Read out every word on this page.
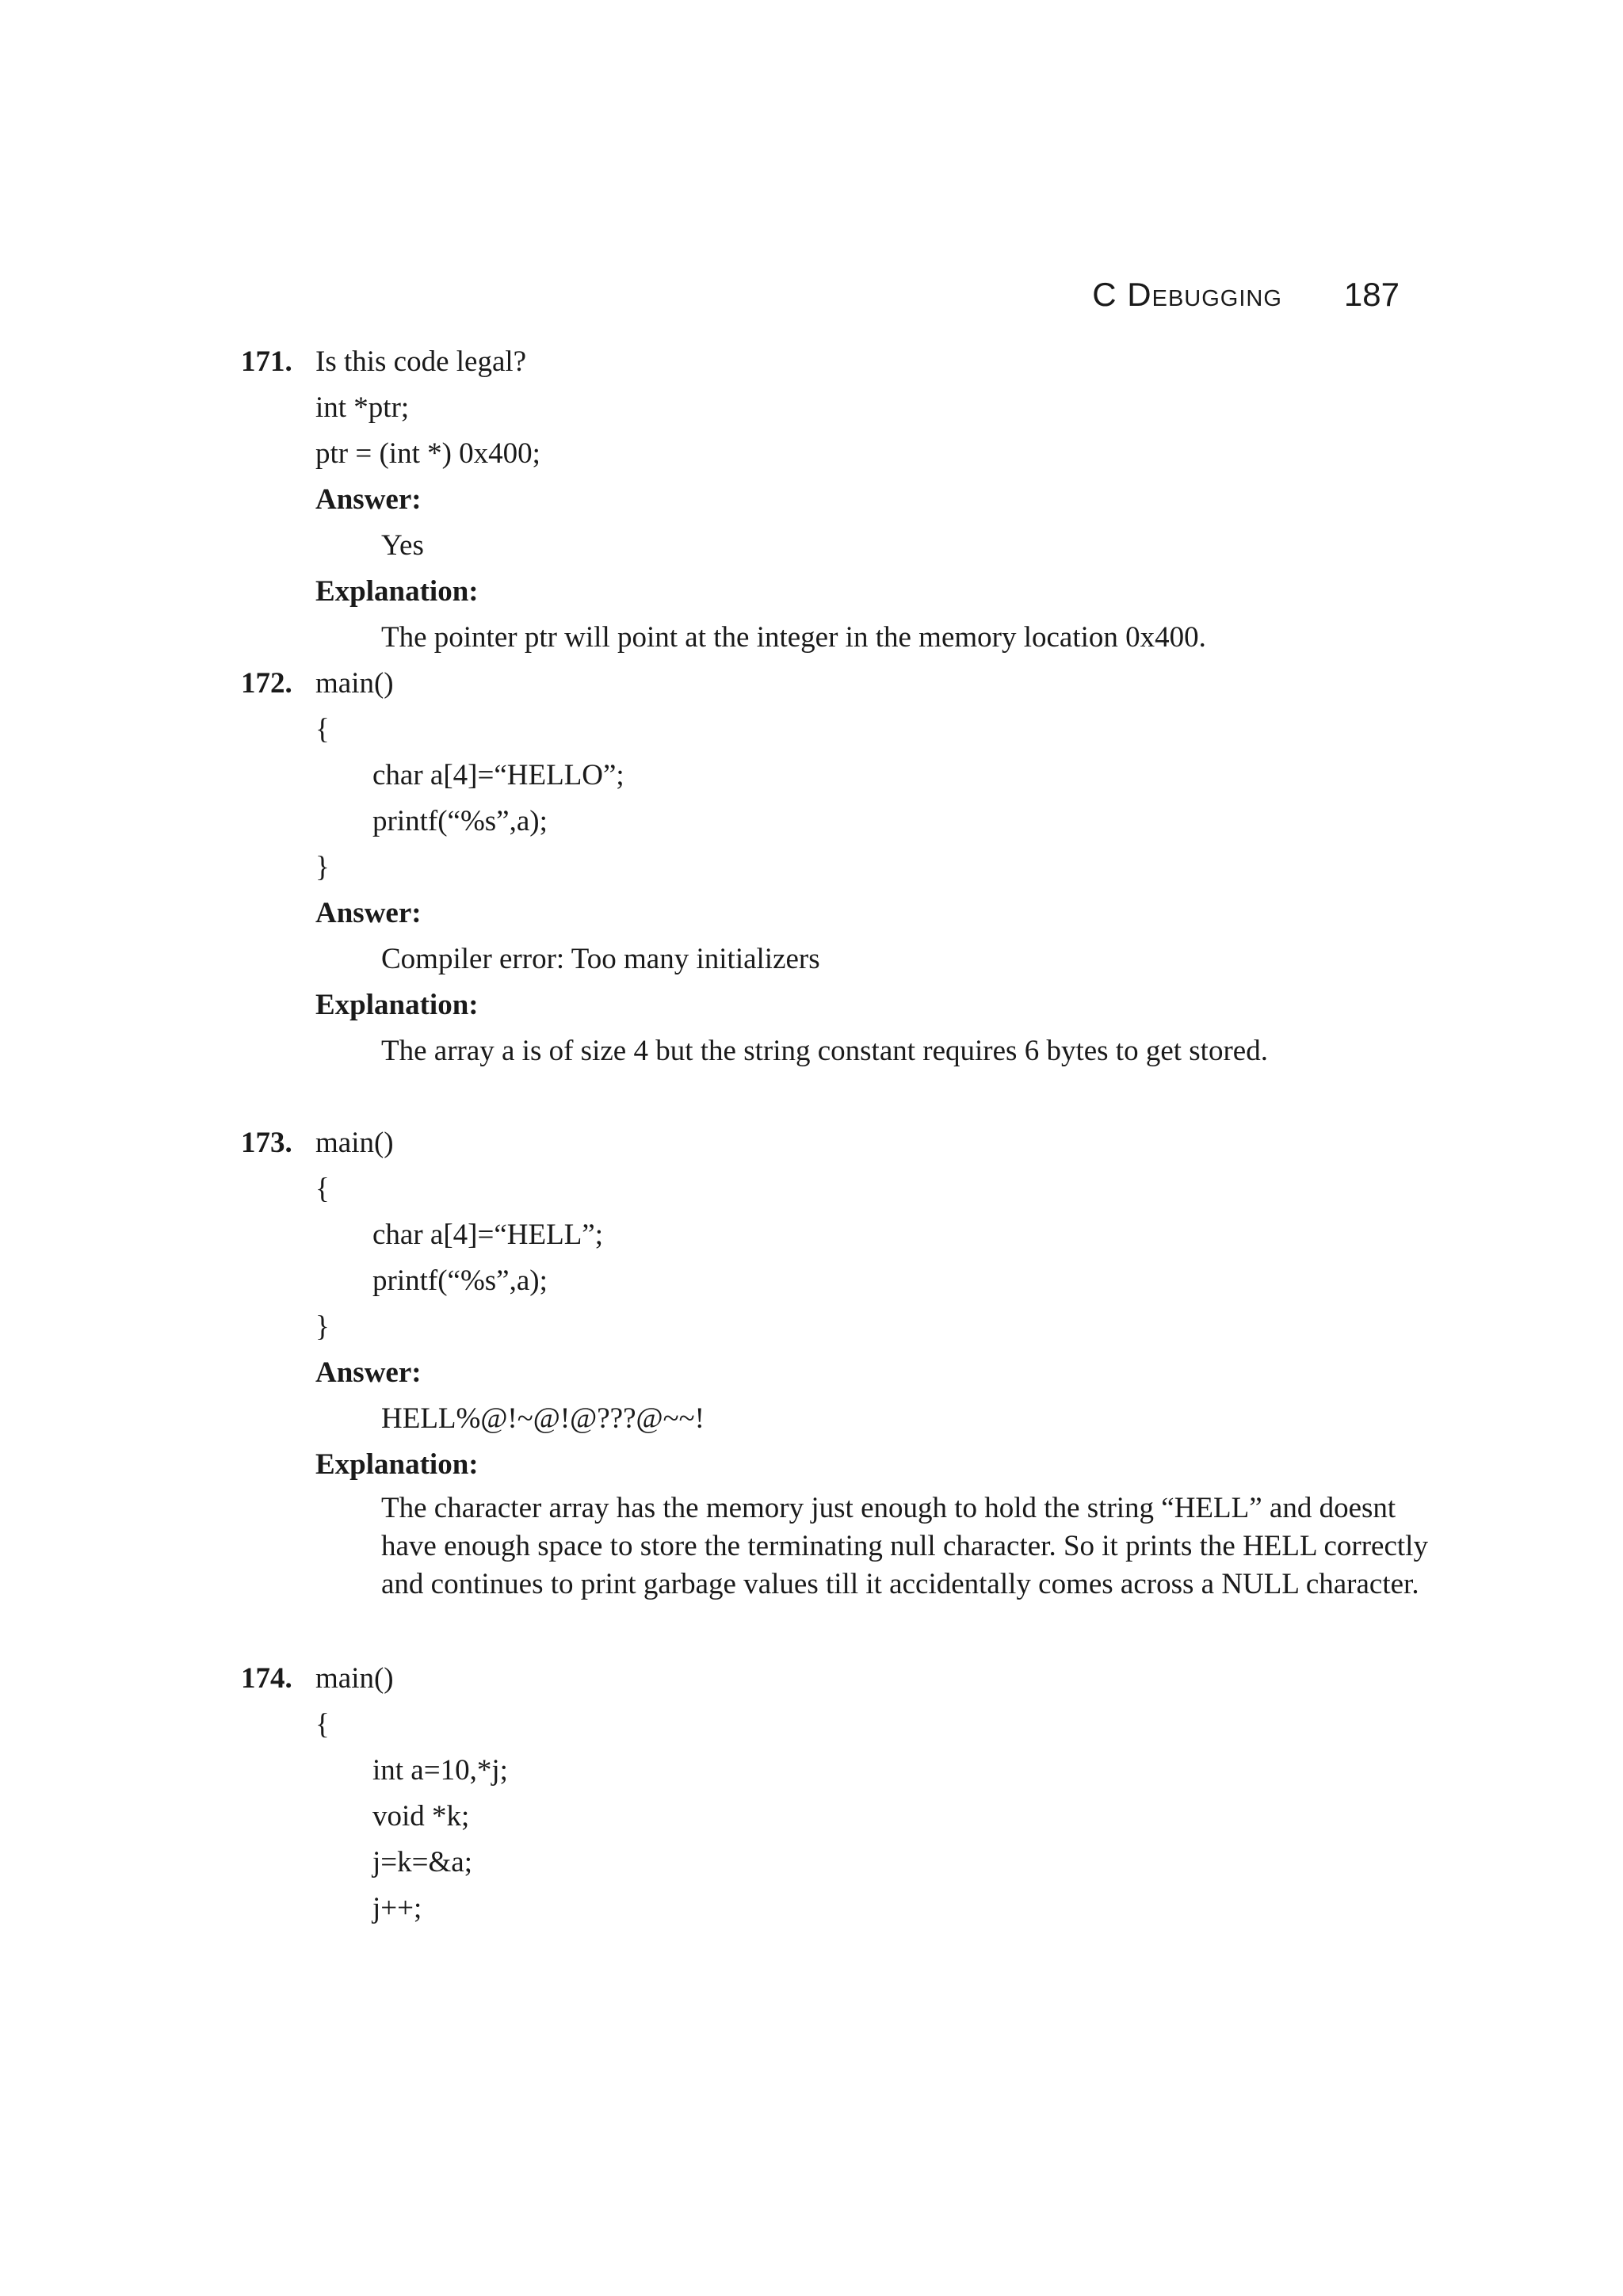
C Debugging 187
171. Is this code legal?
int *ptr;
ptr = (int *) 0x400;
Answer:
Yes
Explanation:
The pointer ptr will point at the integer in the memory location 0x400.
172. main()
{
char a[4]=“HELLO”;
printf(“%s”,a);
}
Answer:
Compiler error: Too many initializers
Explanation:
The array a is of size 4 but the string constant requires 6 bytes to get stored.
173. main()
{
char a[4]=“HELL”;
printf(“%s”,a);
}
Answer:
HELL%@!~@!@???@~~!
Explanation:
The character array has the memory just enough to hold the string “HELL” and doesnt
have enough space to store the terminating null character. So it prints the HELL correctly
and continues to print garbage values till it accidentally comes across a NULL character.
174. main()
{
int a=10,*j;
void *k;
j=k=&a;
j++;
